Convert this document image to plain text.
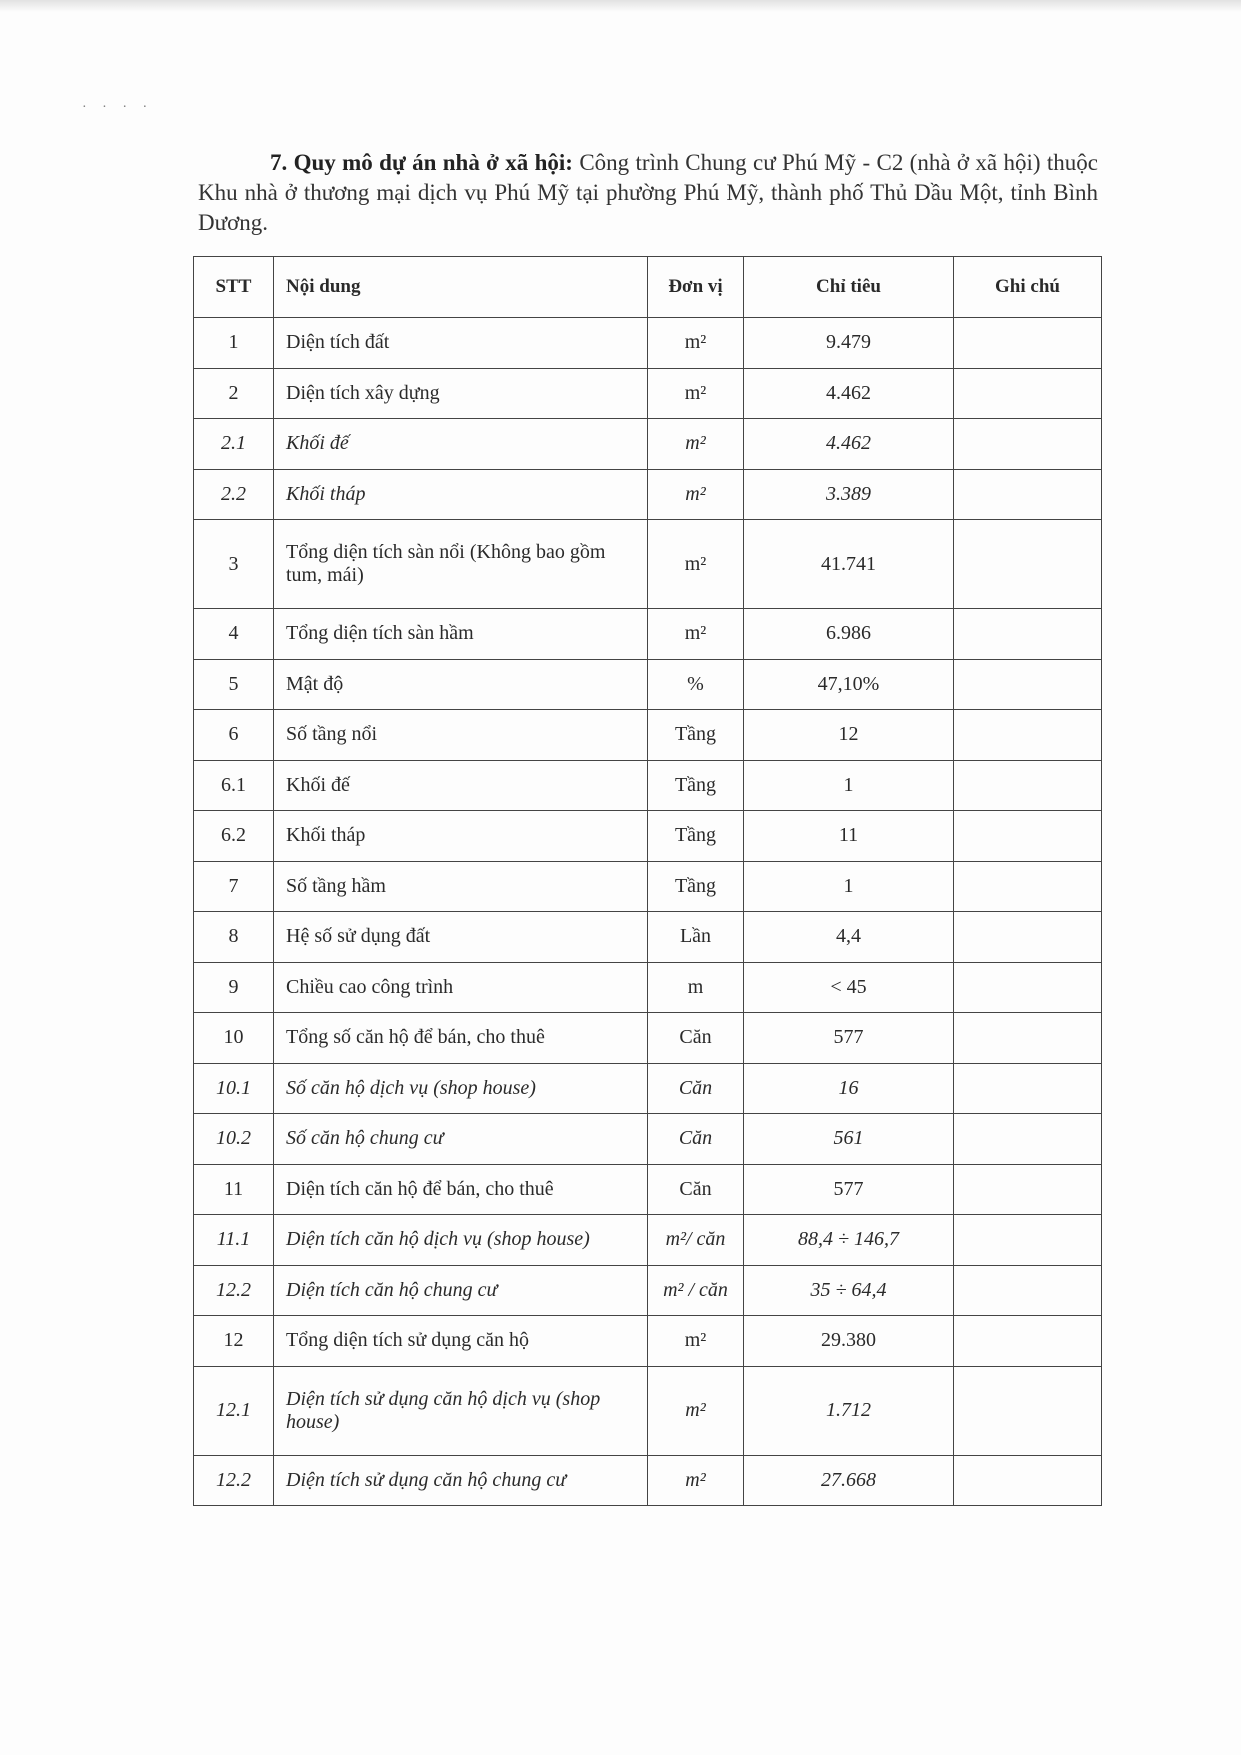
· · · ·

7. Quy mô dự án nhà ở xã hội: Công trình Chung cư Phú Mỹ - C2 (nhà ở xã hội) thuộc Khu nhà ở thương mại dịch vụ Phú Mỹ tại phường Phú Mỹ, thành phố Thủ Dầu Một, tỉnh Bình Dương.

STT	Nội dung	Đơn vị	Chỉ tiêu	Ghi chú
1	Diện tích đất	m²	9.479	
2	Diện tích xây dựng	m²	4.462	
2.1	Khối đế	m²	4.462	
2.2	Khối tháp	m²	3.389	
3	Tổng diện tích sàn nổi (Không bao gồm tum, mái)	m²	41.741	
4	Tổng diện tích sàn hầm	m²	6.986	
5	Mật độ	%	47,10%	
6	Số tầng nổi	Tầng	12	
6.1	Khối đế	Tầng	1	
6.2	Khối tháp	Tầng	11	
7	Số tầng hầm	Tầng	1	
8	Hệ số sử dụng đất	Lần	4,4	
9	Chiều cao công trình	m	< 45	
10	Tổng số căn hộ để bán, cho thuê	Căn	577	
10.1	Số căn hộ dịch vụ (shop house)	Căn	16	
10.2	Số căn hộ chung cư	Căn	561	
11	Diện tích căn hộ để bán, cho thuê	Căn	577	
11.1	Diện tích căn hộ dịch vụ (shop house)	m²/ căn	88,4 ÷ 146,7	
12.2	Diện tích căn hộ chung cư	m² / căn	35 ÷ 64,4	
12	Tổng diện tích sử dụng căn hộ	m²	29.380	
12.1	Diện tích sử dụng căn hộ dịch vụ (shop house)	m²	1.712	
12.2	Diện tích sử dụng căn hộ chung cư	m²	27.668	
